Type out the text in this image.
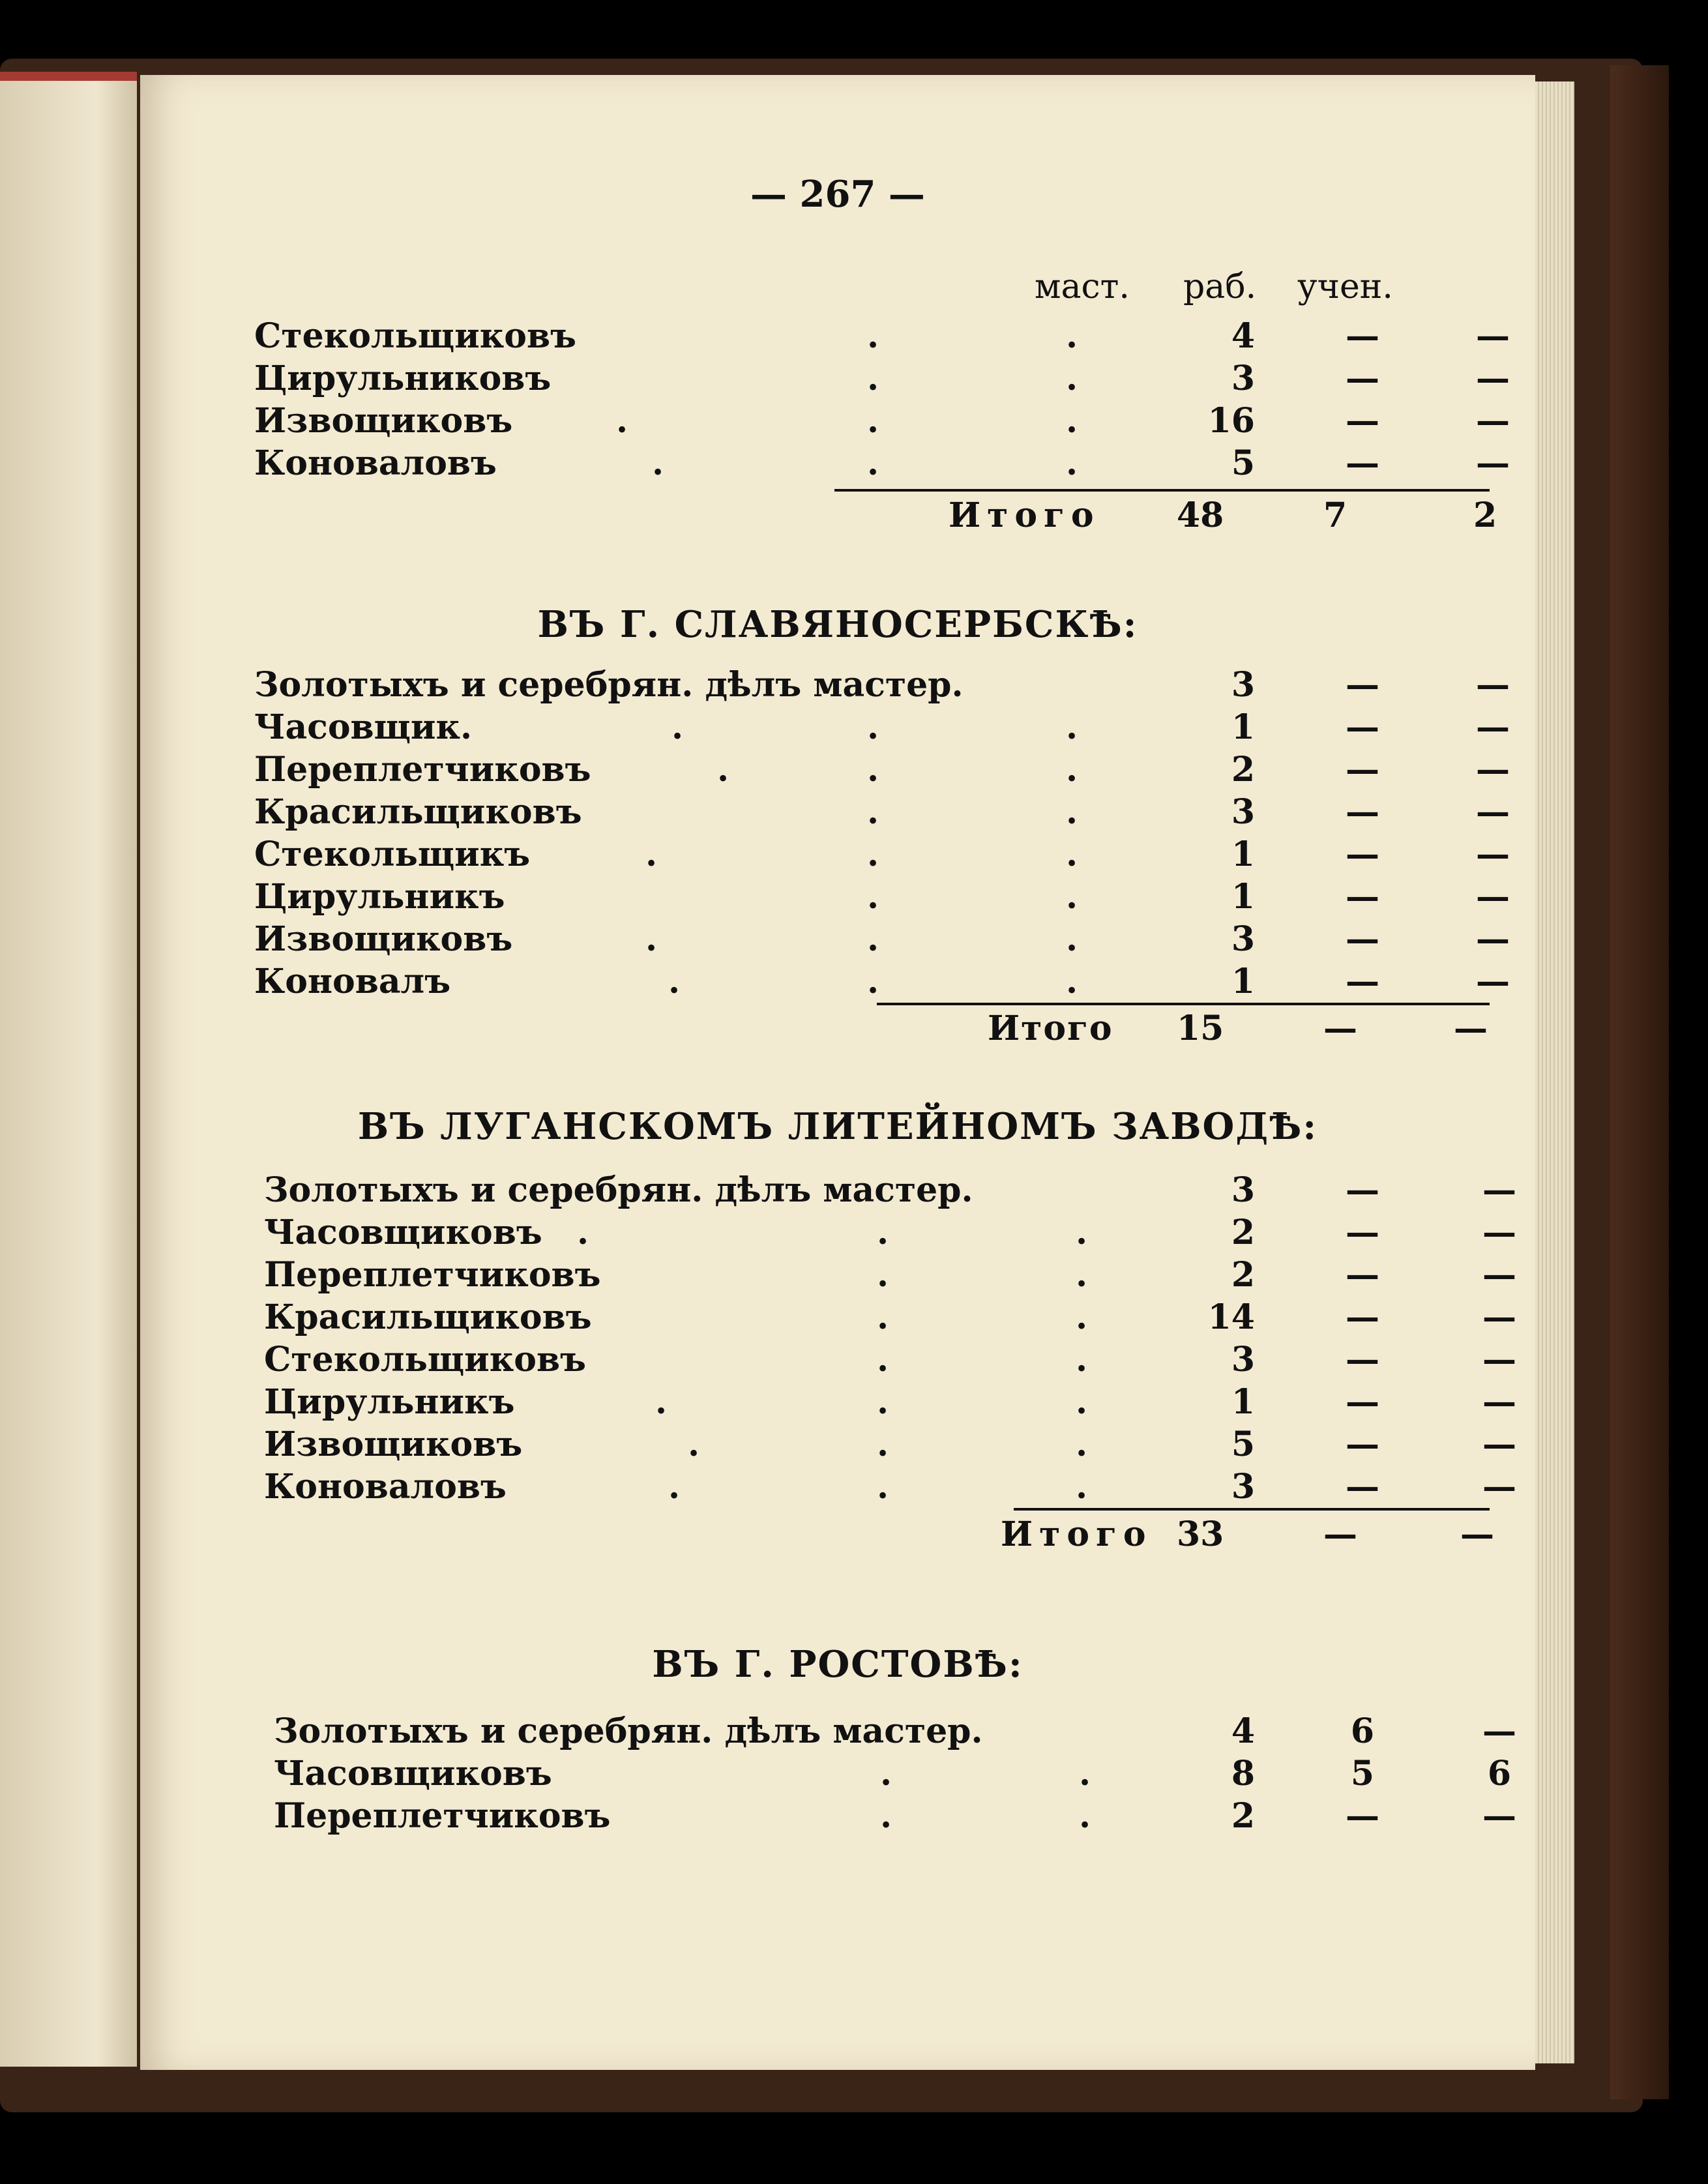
— 267 —
маст. раб. учен.
Стекольщиковъ	.	.	4	—	—
Цирульниковъ	.	.	3	—	—
Извощиковъ	.	.	.	16	—	—
Коноваловъ	.	.	.	5	—	—
Итого 48	7	2
ВЪ Г. СЛАВЯНОСЕРБСКѢ:
Золотыхъ и серебрян. дѣлъ мастер.	3	—	—
Часовщик.	.	.	.	1	—	—
Переплетчиковъ	.	.	.	2	—	—
Красильщиковъ	.	.	3	—	—
Стекольщикъ	.	.	.	1	—	—
Цирульникъ	.	.	1	—	—
Извощиковъ	.	.	.	3	—	—
Коновалъ	.	.	.	1	—	—
Итого 15	—	—
ВЪ ЛУГАНСКОМЪ ЛИТЕЙНОМЪ ЗАВОДѢ:
Золотыхъ и серебрян. дѣлъ мастер.	3	—	—
Часовщиковъ .	.	.	2	—	—
Переплетчиковъ	.	.	2	—	—
Красильщиковъ	.	.	14	—	—
Стекольщиковъ	.	.	3	—	—
Цирульникъ	.	.	.	1	—	—
Извощиковъ	.	.	.	5	—	—
Коноваловъ	.	.	.	3	—	—
Итого 33	—	—
ВЪ Г. РОСТОВѢ:
Золотыхъ и серебрян. дѣлъ мастер.	4	6	—
Часовщиковъ	.	.	8	5	6
Переплетчиковъ	.	.	2	—	—
